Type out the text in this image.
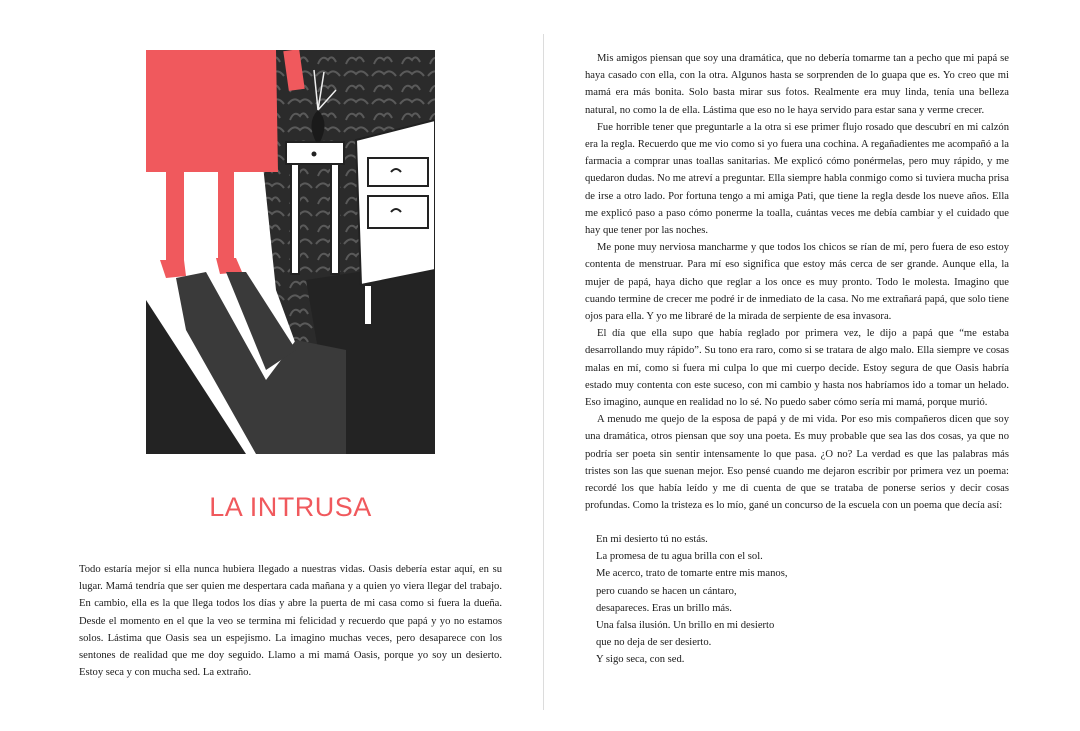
LA INTRUSA

Todo estaría mejor si ella nunca hubiera llegado a nuestras vidas. Oasis debería estar aquí, en su lugar. Mamá tendría que ser quien me despertara cada mañana y a quien yo viera llegar del trabajo. En cambio, ella es la que llega todos los días y abre la puerta de mi casa como si fuera la dueña. Desde el momento en el que la veo se termina mi felicidad y recuerdo que papá y yo no estamos solos. Lástima que Oasis sea un espejismo. La imagino muchas veces, pero desaparece con los sentones de realidad que me doy seguido. Llamo a mi mamá Oasis, porque yo soy un desierto. Estoy seca y con mucha sed. La extraño.

Mis amigos piensan que soy una dramática, que no debería tomarme tan a pecho que mi papá se haya casado con ella, con la otra. Algunos hasta se sorprenden de lo guapa que es. Yo creo que mi mamá era más bonita. Solo basta mirar sus fotos. Realmente era muy linda, tenía una belleza natural, no como la de ella. Lástima que eso no le haya servido para estar sana y verme crecer.

Fue horrible tener que preguntarle a la otra si ese primer flujo rosado que descubrí en mi calzón era la regla. Recuerdo que me vio como si yo fuera una cochina. A regañadientes me acompañó a la farmacia a comprar unas toallas sanitarias. Me explicó cómo ponérmelas, pero muy rápido, y me quedaron dudas. No me atreví a preguntar. Ella siempre habla conmigo como si tuviera mucha prisa de irse a otro lado. Por fortuna tengo a mi amiga Pati, que tiene la regla desde los nueve años. Ella me explicó paso a paso cómo ponerme la toalla, cuántas veces me debía cambiar y el cuidado que hay que tener por las noches.

Me pone muy nerviosa mancharme y que todos los chicos se rían de mí, pero fuera de eso estoy contenta de menstruar. Para mí eso significa que estoy más cerca de ser grande. Aunque ella, la mujer de papá, haya dicho que reglar a los once es muy pronto. Todo le molesta. Imagino que cuando termine de crecer me podré ir de inmediato de la casa. No me extrañará papá, que solo tiene ojos para ella. Y yo me libraré de la mirada de serpiente de esa invasora.

El día que ella supo que había reglado por primera vez, le dijo a papá que “me estaba desarrollando muy rápido”. Su tono era raro, como si se tratara de algo malo. Ella siempre ve cosas malas en mí, como si fuera mi culpa lo que mi cuerpo decide. Estoy segura de que Oasis habría estado muy contenta con este suceso, con mi cambio y hasta nos habríamos ido a tomar un helado. Eso imagino, aunque en realidad no lo sé. No puedo saber cómo sería mi mamá, porque murió.

A menudo me quejo de la esposa de papá y de mi vida. Por eso mis compañeros dicen que soy una dramática, otros piensan que soy una poeta. Es muy probable que sea las dos cosas, ya que no podría ser poeta sin sentir intensamente lo que pasa. ¿O no? La verdad es que las palabras más tristes son las que suenan mejor. Eso pensé cuando me dejaron escribir por primera vez un poema: recordé los que había leído y me di cuenta de que se trataba de ponerse serios y decir cosas profundas. Como la tristeza es lo mío, gané un concurso de la escuela con un poema que decía así:

En mi desierto tú no estás.
La promesa de tu agua brilla con el sol.
Me acerco, trato de tomarte entre mis manos,
pero cuando se hacen un cántaro,
desapareces. Eras un brillo más.
Una falsa ilusión. Un brillo en mi desierto
que no deja de ser desierto.
Y sigo seca, con sed.
